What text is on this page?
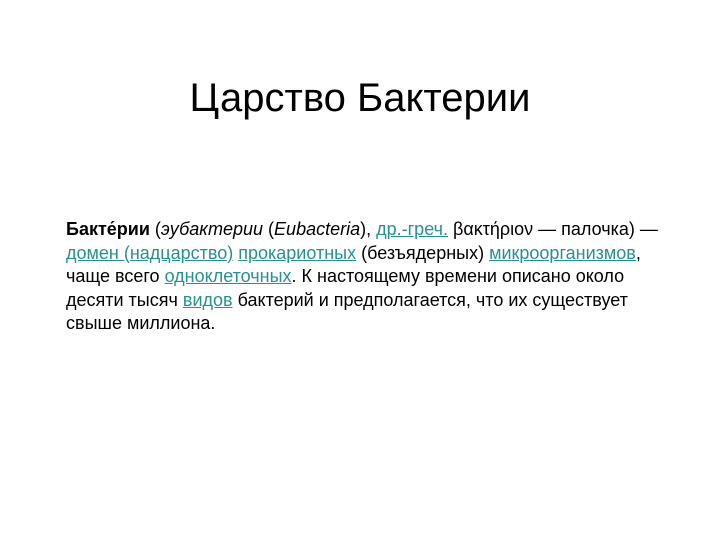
Царство Бактерии

Бакте́рии (эубактерии (Eubacteria), др.-греч. βακτήριον — палочка) — домен (надцарство) прокариотных (безъядерных) микроорганизмов, чаще всего одноклеточных. К настоящему времени описано около десяти тысяч видов бактерий и предполагается, что их существует свыше миллиона.
